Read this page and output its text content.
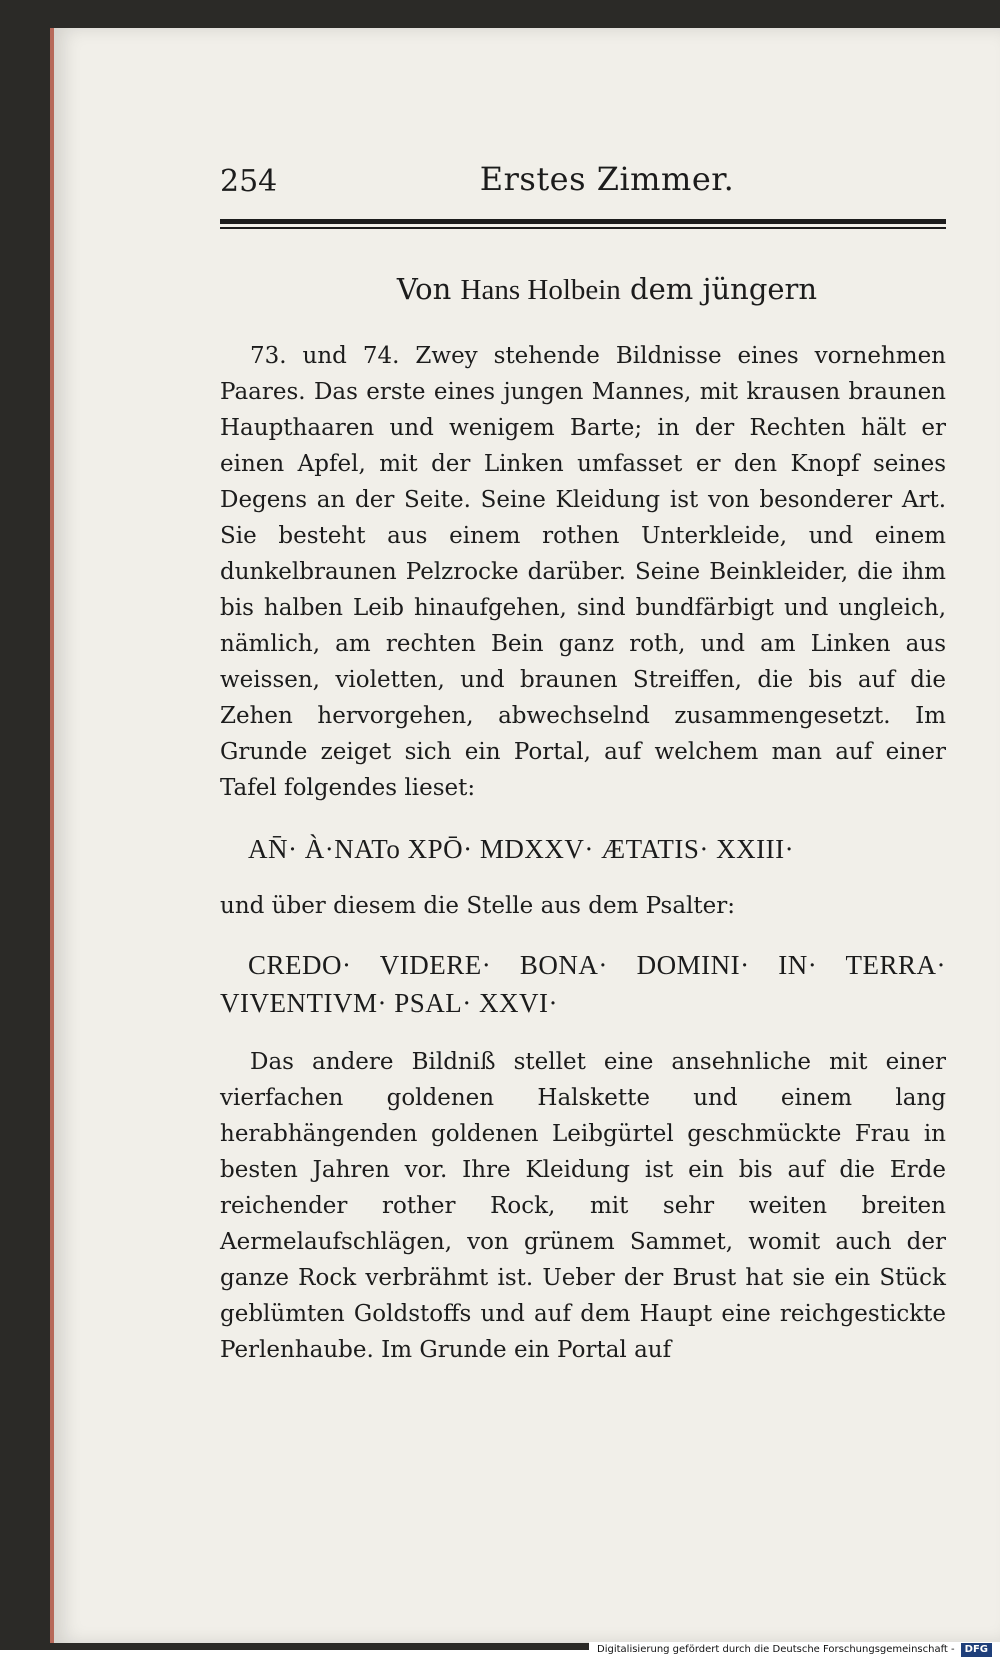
254	Erstes Zimmer.
Von Hans Holbein dem jüngern

73. und 74. Zwey stehende Bildnisse eines vornehmen Paares. Das erste eines jungen Mannes, mit krausen braunen Haupthaaren und wenigem Barte; in der Rechten hält er einen Apfel, mit der Linken umfasset er den Knopf seines Degens an der Seite. Seine Kleidung ist von besonderer Art. Sie besteht aus einem rothen Unterkleide, und einem dunkelbraunen Pelzrocke darüber. Seine Beinkleider, die ihm bis halben Leib hinaufgehen, sind bundfärbigt und ungleich, nämlich, am rechten Bein ganz roth, und am Linken aus weissen, violetten, und braunen Streiffen, die bis auf die Zehen hervorgehen, abwechselnd zusammengesetzt. Im Grunde zeiget sich ein Portal, auf welchem man auf einer Tafel folgendes lieset:

AN̄· À·NATo XPŌ· MDXXV· ÆTATIS· XXIII·

und über diesem die Stelle aus dem Psalter:

CREDO· VIDERE· BONA· DOMINI· IN· TERRA· VIVENTIVM· PSAL· XXVI·

Das andere Bildniß stellet eine ansehnliche mit einer vierfachen goldenen Halskette und einem lang herabhängenden goldenen Leibgürtel geschmückte Frau in besten Jahren vor. Ihre Kleidung ist ein bis auf die Erde reichender rother Rock, mit sehr weiten breiten Aermelaufschlägen, von grünem Sammet, womit auch der ganze Rock verbrähmt ist. Ueber der Brust hat sie ein Stück geblümten Goldstoffs und auf dem Haupt eine reichgestickte Perlenhaube. Im Grunde ein Portal auf

Digitalisierung gefördert durch die Deutsche Forschungsgemeinschaft -	DFG
